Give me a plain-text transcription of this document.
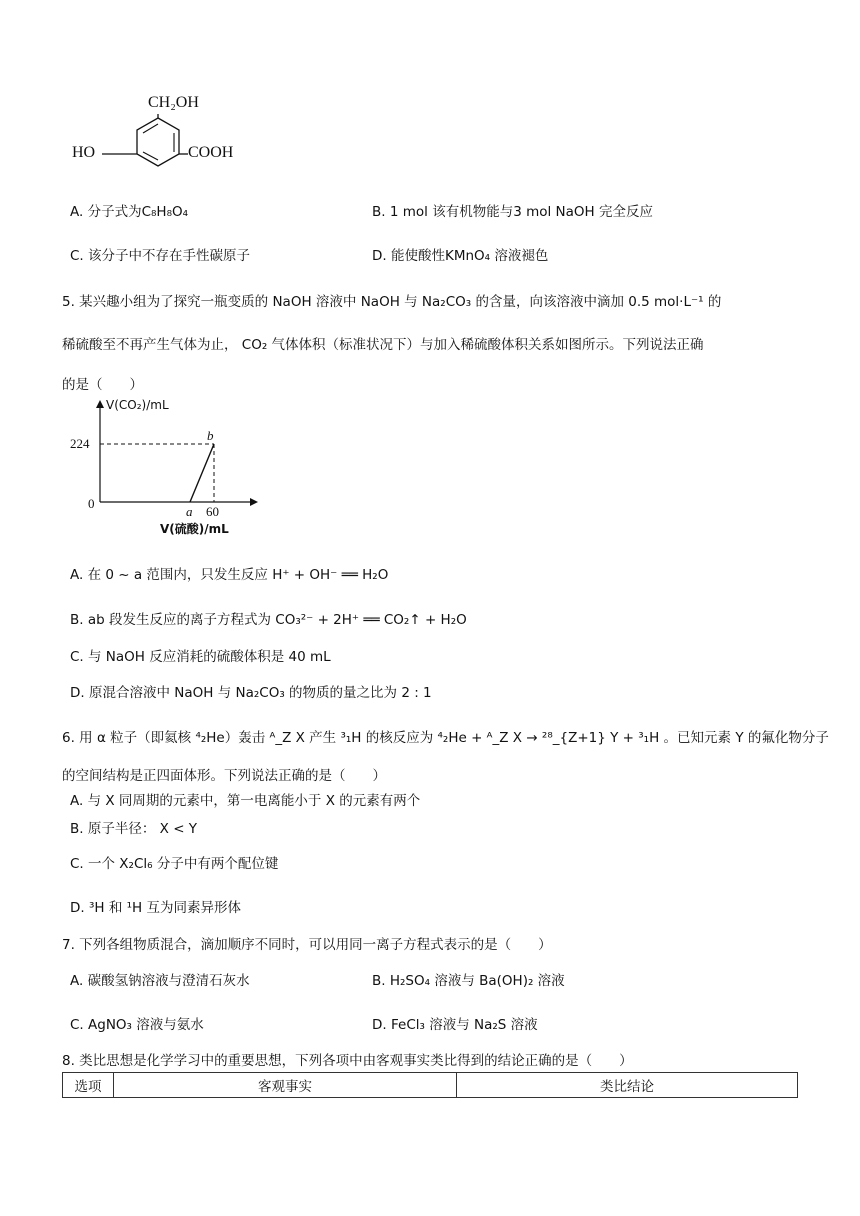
CH₂OH
HO	COOH
A. 分子式为C₈H₈O₄	B. 1 mol 该有机物能与3 mol NaOH 完全反应
C. 该分子中不存在手性碳原子	D. 能使酸性KMnO₄ 溶液褪色
5. 某兴趣小组为了探究一瓶变质的 NaOH 溶液中 NaOH 与 Na₂CO₃ 的含量，向该溶液中滴加 0.5 mol·L⁻¹ 的
稀硫酸至不再产生气体为止， CO₂ 气体体积（标准状况下）与加入稀硫酸体积关系如图所示。下列说法正确
的是（　　）
V(CO₂)/mL
224
0
a
b
60
V(硫酸)/mL
A. 在 0 ~ a 范围内，只发生反应 H⁺ + OH⁻ ══ H₂O
B. ab 段发生反应的离子方程式为 CO₃²⁻ + 2H⁺ ══ CO₂↑ + H₂O
C. 与 NaOH 反应消耗的硫酸体积是 40 mL
D. 原混合溶液中 NaOH 与 Na₂CO₃ 的物质的量之比为 2 : 1
6. 用 α 粒子（即氦核 ⁴₂He）轰击 ᴬ_Z X 产生 ³₁H 的核反应为 ⁴₂He + ᴬ_Z X → ²⁸_{Z+1} Y + ³₁H 。已知元素 Y 的氟化物分子
的空间结构是正四面体形。下列说法正确的是（　　）
A. 与 X 同周期的元素中，第一电离能小于 X 的元素有两个
B. 原子半径： X < Y
C. 一个 X₂Cl₆ 分子中有两个配位键
D. ³H 和 ¹H 互为同素异形体
7. 下列各组物质混合，滴加顺序不同时，可以用同一离子方程式表示的是（　　）
A. 碳酸氢钠溶液与澄清石灰水	B. H₂SO₄ 溶液与 Ba(OH)₂ 溶液
C. AgNO₃ 溶液与氨水	D. FeCl₃ 溶液与 Na₂S 溶液
8. 类比思想是化学学习中的重要思想，下列各项中由客观事实类比得到的结论正确的是（　　）
选项	客观事实	类比结论
